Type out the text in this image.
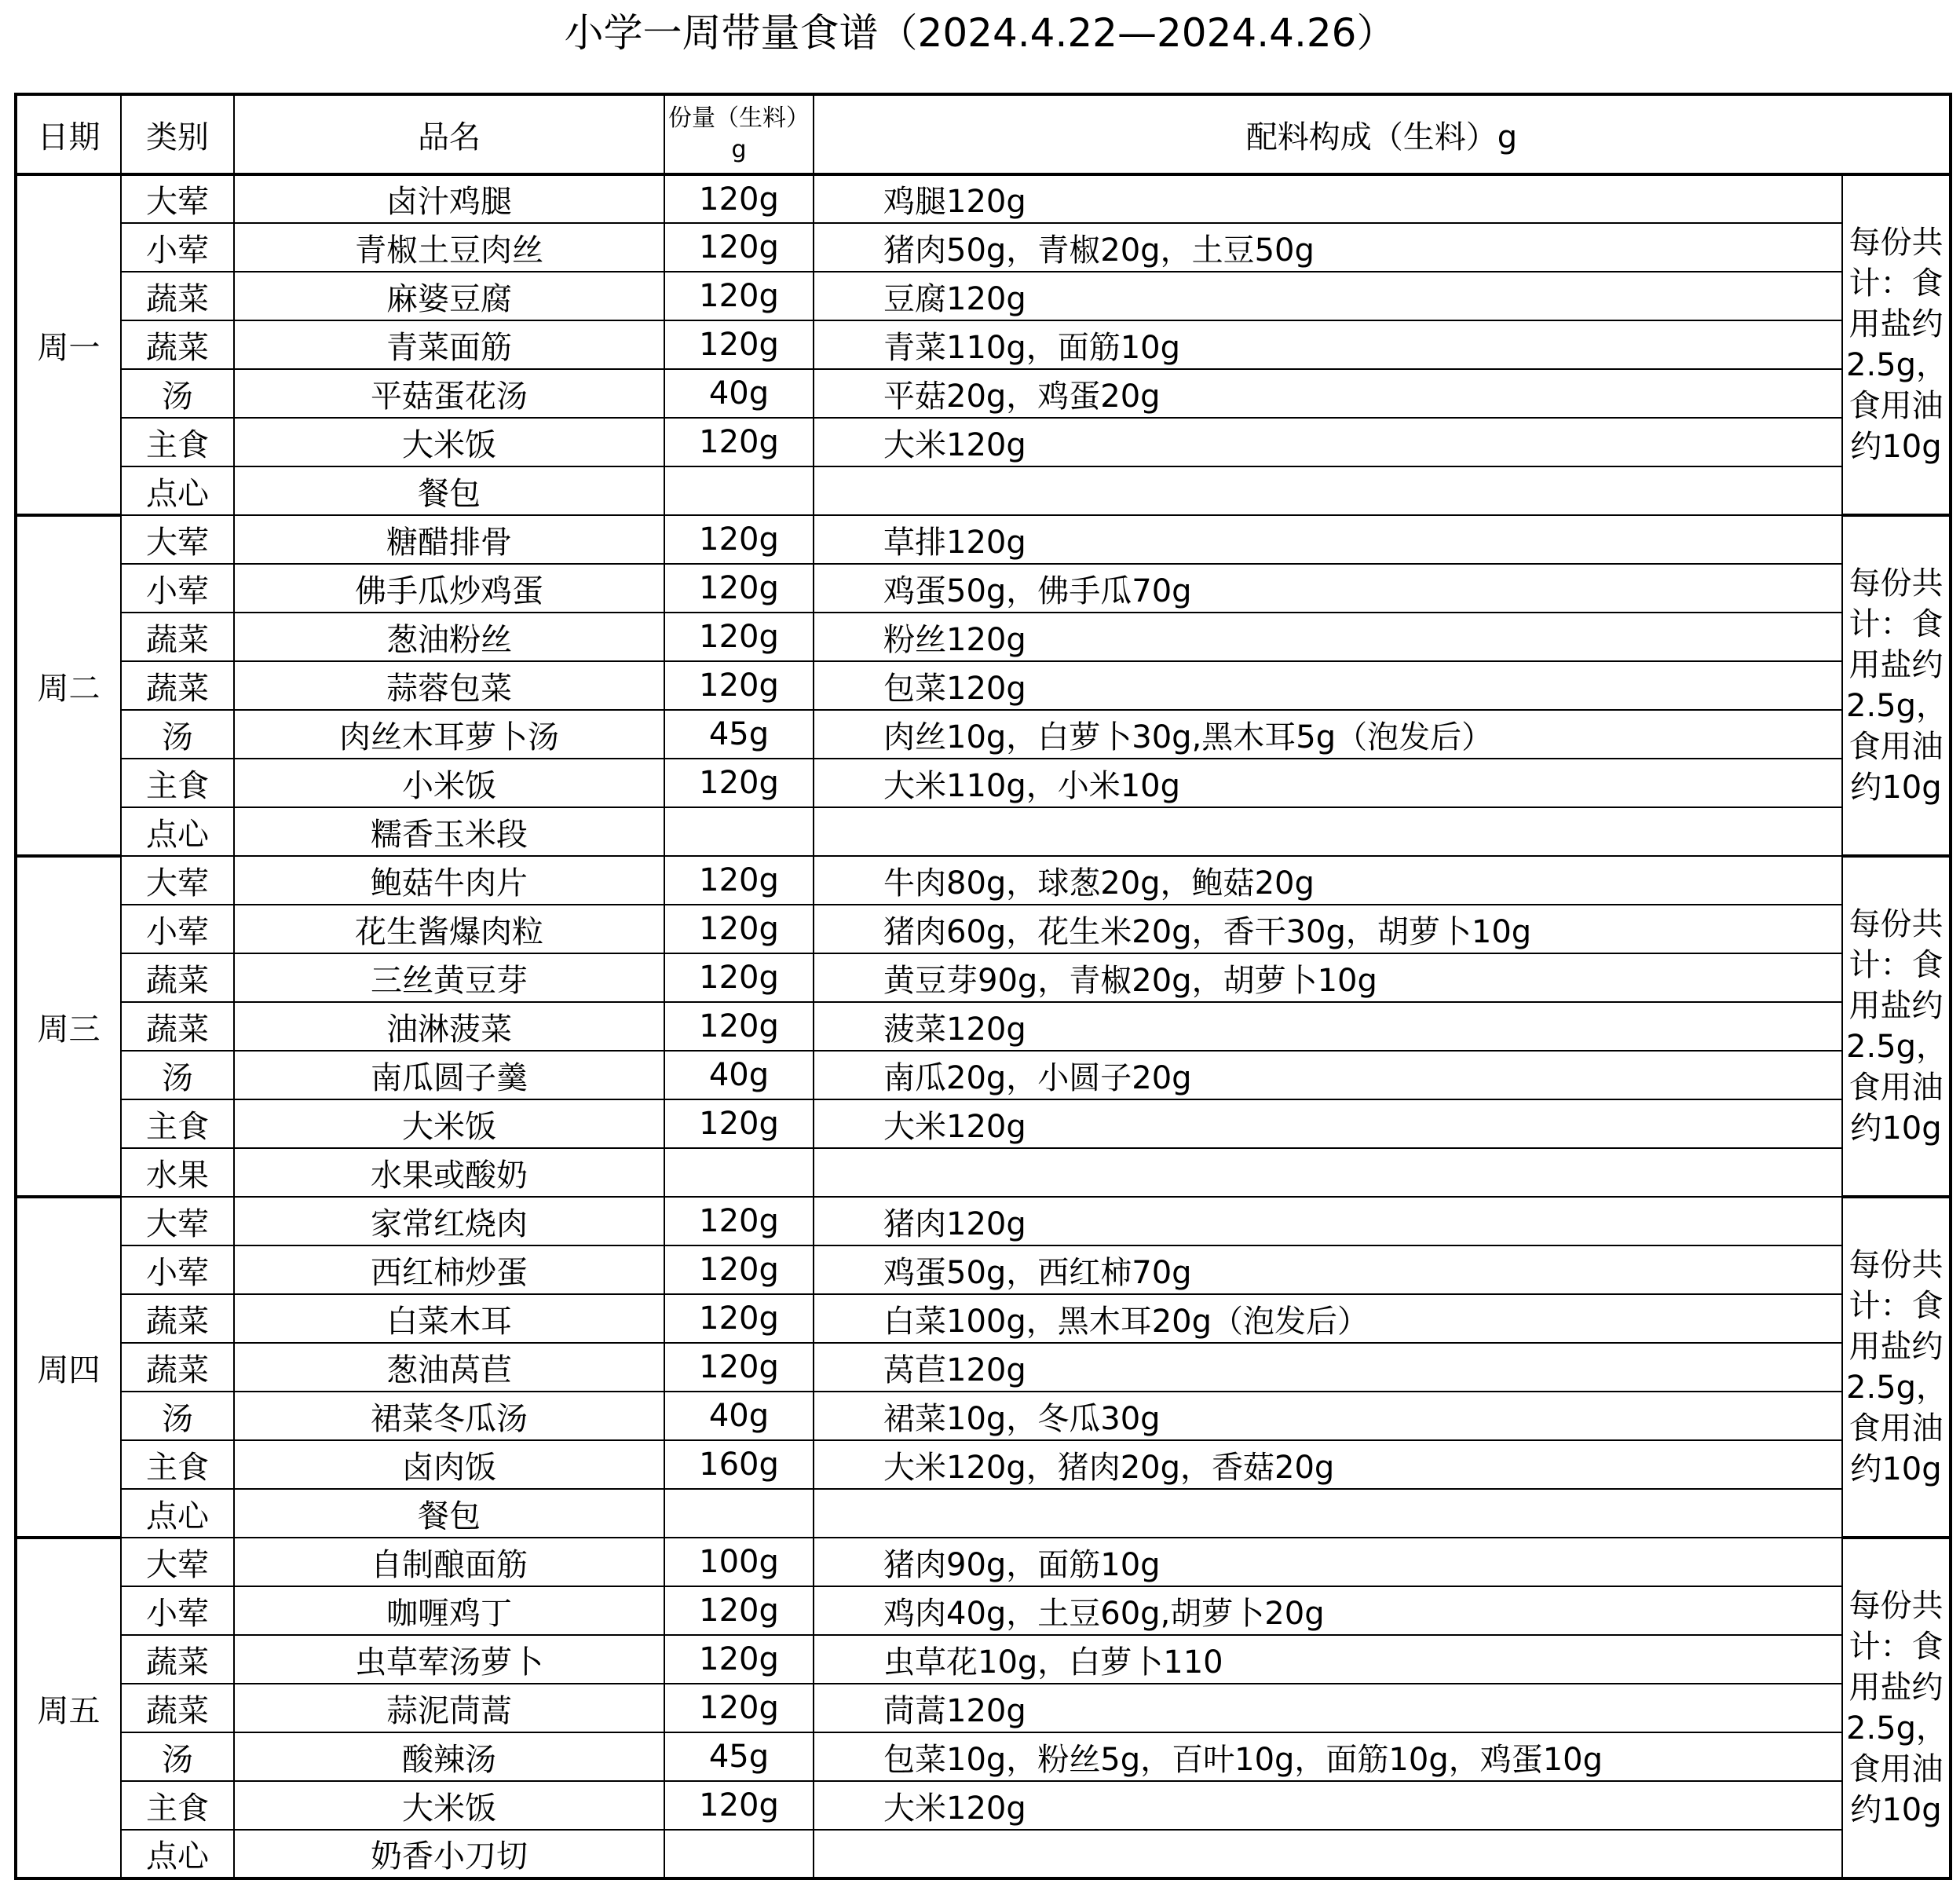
小学一周带量食谱（2024.4.22—2024.4.26）
日期	类别	品名	份量（生料）g	配料构成（生料）g	
周一	大荤	卤汁鸡腿	120g	鸡腿120g	每份共计：食用盐约2.5g，食用油约10g
	小荤	青椒土豆肉丝	120g	猪肉50g，青椒20g，土豆50g	
	蔬菜	麻婆豆腐	120g	豆腐120g	
	蔬菜	青菜面筋	120g	青菜110g，面筋10g	
	汤	平菇蛋花汤	40g	平菇20g，鸡蛋20g	
	主食	大米饭	120g	大米120g	
	点心	餐包			
周二	大荤	糖醋排骨	120g	草排120g	每份共计：食用盐约2.5g，食用油约10g
	小荤	佛手瓜炒鸡蛋	120g	鸡蛋50g，佛手瓜70g	
	蔬菜	葱油粉丝	120g	粉丝120g	
	蔬菜	蒜蓉包菜	120g	包菜120g	
	汤	肉丝木耳萝卜汤	45g	肉丝10g，白萝卜30g,黑木耳5g（泡发后）	
	主食	小米饭	120g	大米110g，小米10g	
	点心	糯香玉米段			
周三	大荤	鲍菇牛肉片	120g	牛肉80g，球葱20g，鲍菇20g	每份共计：食用盐约2.5g，食用油约10g
	小荤	花生酱爆肉粒	120g	猪肉60g，花生米20g，香干30g，胡萝卜10g	
	蔬菜	三丝黄豆芽	120g	黄豆芽90g，青椒20g，胡萝卜10g	
	蔬菜	油淋菠菜	120g	菠菜120g	
	汤	南瓜圆子羹	40g	南瓜20g，小圆子20g	
	主食	大米饭	120g	大米120g	
	水果	水果或酸奶			
周四	大荤	家常红烧肉	120g	猪肉120g	每份共计：食用盐约2.5g，食用油约10g
	小荤	西红柿炒蛋	120g	鸡蛋50g，西红柿70g	
	蔬菜	白菜木耳	120g	白菜100g，黑木耳20g（泡发后）	
	蔬菜	葱油莴苣	120g	莴苣120g	
	汤	裙菜冬瓜汤	40g	裙菜10g，冬瓜30g	
	主食	卤肉饭	160g	大米120g，猪肉20g，香菇20g	
	点心	餐包			
周五	大荤	自制酿面筋	100g	猪肉90g，面筋10g	每份共计：食用盐约2.5g，食用油约10g
	小荤	咖喱鸡丁	120g	鸡肉40g，土豆60g,胡萝卜20g	
	蔬菜	虫草荤汤萝卜	120g	虫草花10g，白萝卜110	
	蔬菜	蒜泥茼蒿	120g	茼蒿120g	
	汤	酸辣汤	45g	包菜10g，粉丝5g，百叶10g，面筋10g，鸡蛋10g	
	主食	大米饭	120g	大米120g	
	点心	奶香小刀切			
